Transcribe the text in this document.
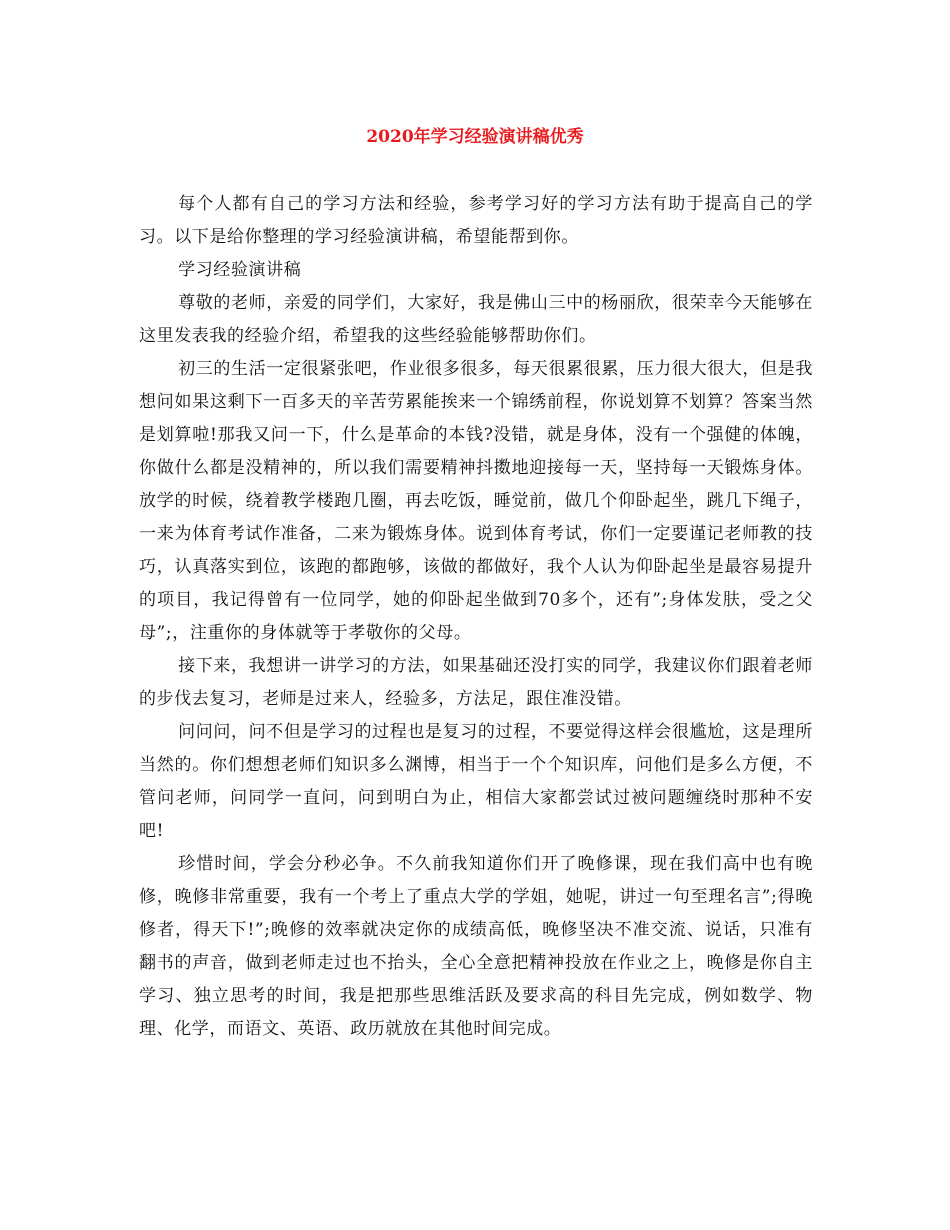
2020年学习经验演讲稿优秀

每个人都有自己的学习方法和经验，参考学习好的学习方法有助于提高自己的学习。以下是给你整理的学习经验演讲稿，希望能帮到你。

学习经验演讲稿

尊敬的老师，亲爱的同学们，大家好，我是佛山三中的杨丽欣，很荣幸今天能够在这里发表我的经验介绍，希望我的这些经验能够帮助你们。

初三的生活一定很紧张吧，作业很多很多，每天很累很累，压力很大很大，但是我想问如果这剩下一百多天的辛苦劳累能挨来一个锦绣前程，你说划算不划算？答案当然是划算啦!那我又问一下，什么是革命的本钱?没错，就是身体，没有一个强健的体魄，你做什么都是没精神的，所以我们需要精神抖擞地迎接每一天，坚持每一天锻炼身体。放学的时候，绕着教学楼跑几圈，再去吃饭，睡觉前，做几个仰卧起坐，跳几下绳子，一来为体育考试作准备，二来为锻炼身体。说到体育考试，你们一定要谨记老师教的技巧，认真落实到位，该跑的都跑够，该做的都做好，我个人认为仰卧起坐是最容易提升的项目，我记得曾有一位同学，她的仰卧起坐做到70多个，还有”;身体发肤，受之父母”;，注重你的身体就等于孝敬你的父母。

接下来，我想讲一讲学习的方法，如果基础还没打实的同学，我建议你们跟着老师的步伐去复习，老师是过来人，经验多，方法足，跟住准没错。

问问问，问不但是学习的过程也是复习的过程，不要觉得这样会很尴尬，这是理所当然的。你们想想老师们知识多么渊博，相当于一个个知识库，问他们是多么方便，不管问老师，问同学一直问，问到明白为止，相信大家都尝试过被问题缠绕时那种不安吧!

珍惜时间，学会分秒必争。不久前我知道你们开了晚修课，现在我们高中也有晚修，晚修非常重要，我有一个考上了重点大学的学姐，她呢，讲过一句至理名言”;得晚修者，得天下!”;晚修的效率就决定你的成绩高低，晚修坚决不准交流、说话，只准有翻书的声音，做到老师走过也不抬头，全心全意把精神投放在作业之上，晚修是你自主学习、独立思考的时间，我是把那些思维活跃及要求高的科目先完成，例如数学、物理、化学，而语文、英语、政历就放在其他时间完成。
